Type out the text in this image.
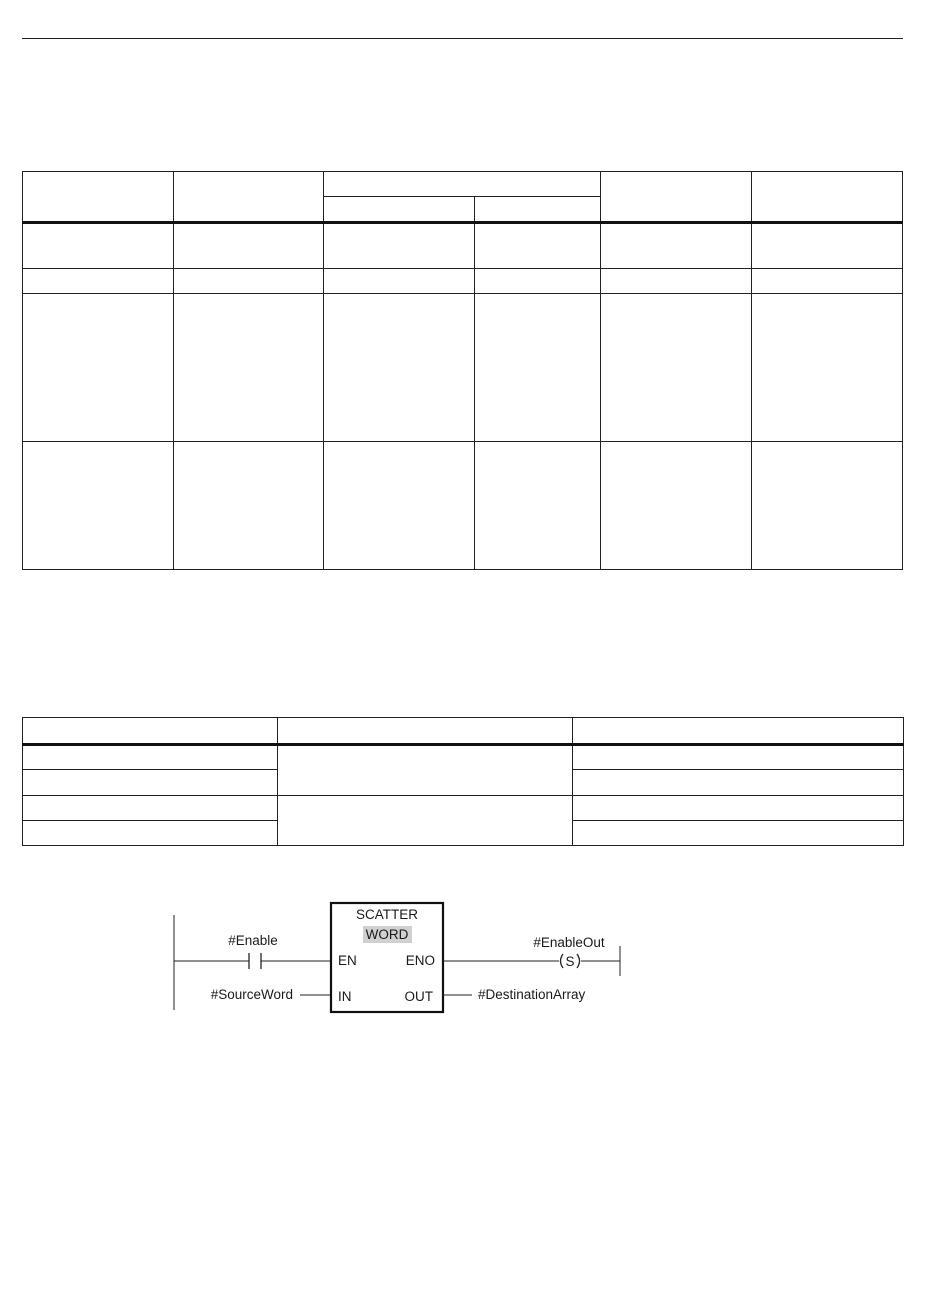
#Enable
#SourceWord
SCATTER
WORD
EN	ENO
IN	OUT
#EnableOut
S
#DestinationArray
